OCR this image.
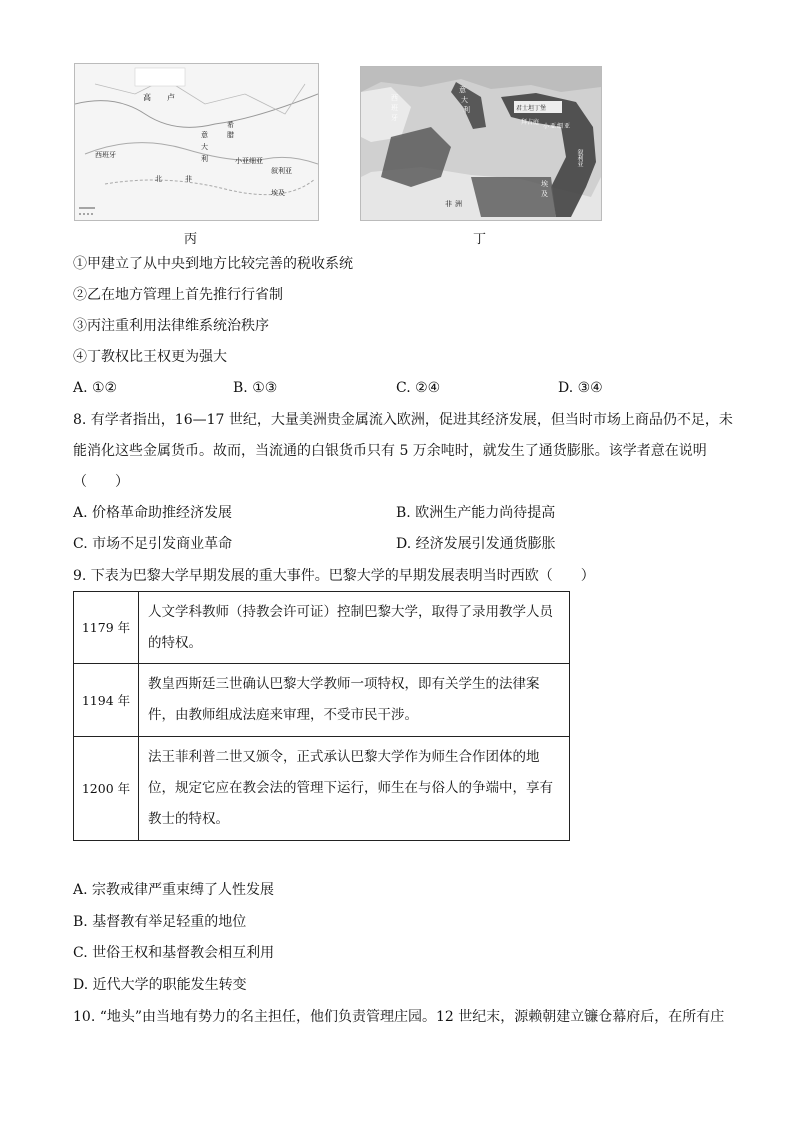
高 卢
西班牙
意
大
利
希
腊
小亚细亚
北	非
埃及
叙利亚
丙
西
班
牙
意
大
利	君士坦丁堡
拜占庭
小 亚 细 亚
叙利亚
埃
及
非 洲
丁
①甲建立了从中央到地方比较完善的税收系统
②乙在地方管理上首先推行行省制
③丙注重利用法律维系统治秩序
④丁教权比王权更为强大
A. ①②	B. ①③	C. ②④	D. ③④
8. 有学者指出，16—17 世纪，大量美洲贵金属流入欧洲，促进其经济发展，但当时市场上商品仍不足，未
能消化这些金属货币。故而，当流通的白银货币只有 5 万余吨时，就发生了通货膨胀。该学者意在说明
（　　）
A. 价格革命助推经济发展	B. 欧洲生产能力尚待提高
C. 市场不足引发商业革命	D. 经济发展引发通货膨胀
9. 下表为巴黎大学早期发展的重大事件。巴黎大学的早期发展表明当时西欧（　　）
1179 年	人文学科教师（持教会许可证）控制巴黎大学，取得了录用教学人员的特权。
1194 年	教皇西斯廷三世确认巴黎大学教师一项特权，即有关学生的法律案件，由教师组成法庭来审理，不受市民干涉。
1200 年	法王菲利普二世又颁令，正式承认巴黎大学作为师生合作团体的地位，规定它应在教会法的管理下运行，师生在与俗人的争端中，享有教士的特权。
A. 宗教戒律严重束缚了人性发展
B. 基督教有举足轻重的地位
C. 世俗王权和基督教会相互利用
D. 近代大学的职能发生转变
10. “地头”由当地有势力的名主担任，他们负责管理庄园。12 世纪末，源赖朝建立镰仓幕府后，在所有庄
